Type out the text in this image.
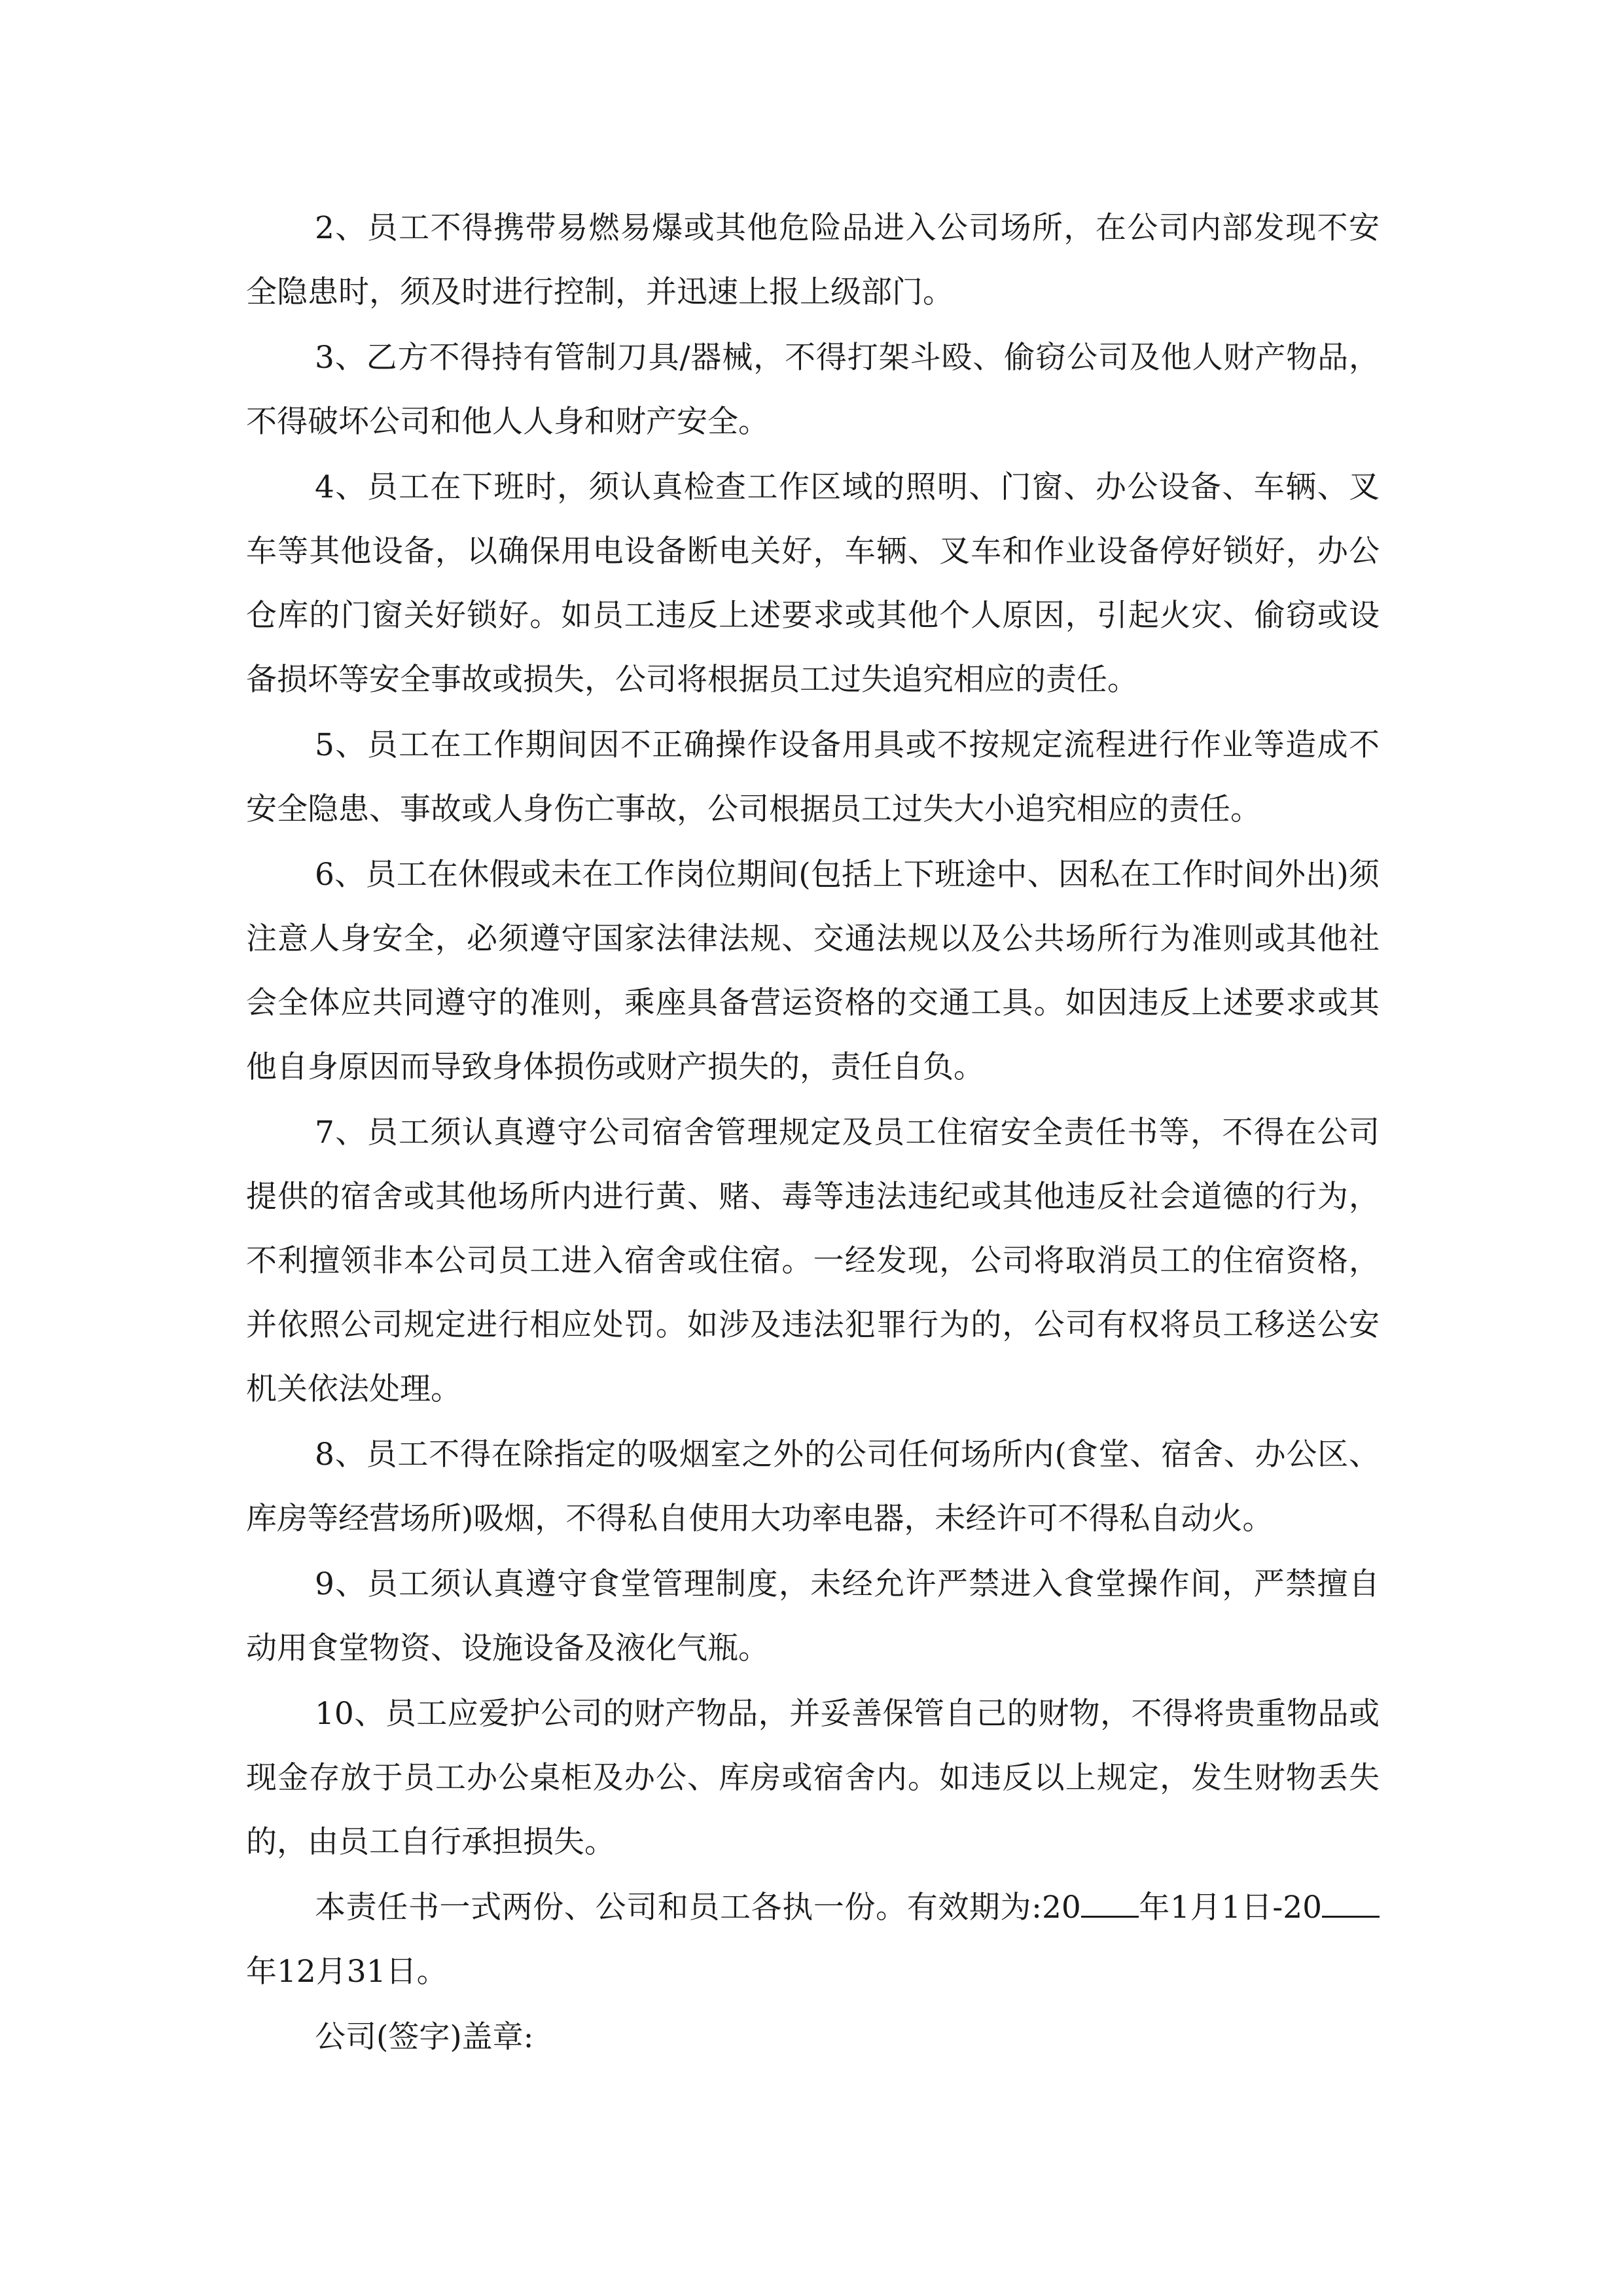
2、员工不得携带易燃易爆或其他危险品进入公司场所，在公司内部发现不安全隐患时，须及时进行控制，并迅速上报上级部门。

3、乙方不得持有管制刀具/器械，不得打架斗殴、偷窃公司及他人财产物品，不得破坏公司和他人人身和财产安全。

4、员工在下班时，须认真检查工作区域的照明、门窗、办公设备、车辆、叉车等其他设备，以确保用电设备断电关好，车辆、叉车和作业设备停好锁好，办公仓库的门窗关好锁好。如员工违反上述要求或其他个人原因，引起火灾、偷窃或设备损坏等安全事故或损失，公司将根据员工过失追究相应的责任。

5、员工在工作期间因不正确操作设备用具或不按规定流程进行作业等造成不安全隐患、事故或人身伤亡事故，公司根据员工过失大小追究相应的责任。

6、员工在休假或未在工作岗位期间(包括上下班途中、因私在工作时间外出)须注意人身安全，必须遵守国家法律法规、交通法规以及公共场所行为准则或其他社会全体应共同遵守的准则，乘座具备营运资格的交通工具。如因违反上述要求或其他自身原因而导致身体损伤或财产损失的，责任自负。

7、员工须认真遵守公司宿舍管理规定及员工住宿安全责任书等，不得在公司提供的宿舍或其他场所内进行黄、赌、毒等违法违纪或其他违反社会道德的行为，不利擅领非本公司员工进入宿舍或住宿。一经发现，公司将取消员工的住宿资格，并依照公司规定进行相应处罚。如涉及违法犯罪行为的，公司有权将员工移送公安机关依法处理。

8、员工不得在除指定的吸烟室之外的公司任何场所内(食堂、宿舍、办公区、库房等经营场所)吸烟，不得私自使用大功率电器，未经许可不得私自动火。

9、员工须认真遵守食堂管理制度，未经允许严禁进入食堂操作间，严禁擅自动用食堂物资、设施设备及液化气瓶。

10、员工应爱护公司的财产物品，并妥善保管自己的财物，不得将贵重物品或现金存放于员工办公桌柜及办公、库房或宿舍内。如违反以上规定，发生财物丢失的，由员工自行承担损失。

本责任书一式两份、公司和员工各执一份。有效期为:20 年1月1日-20年12月31日。

公司(签字)盖章:
